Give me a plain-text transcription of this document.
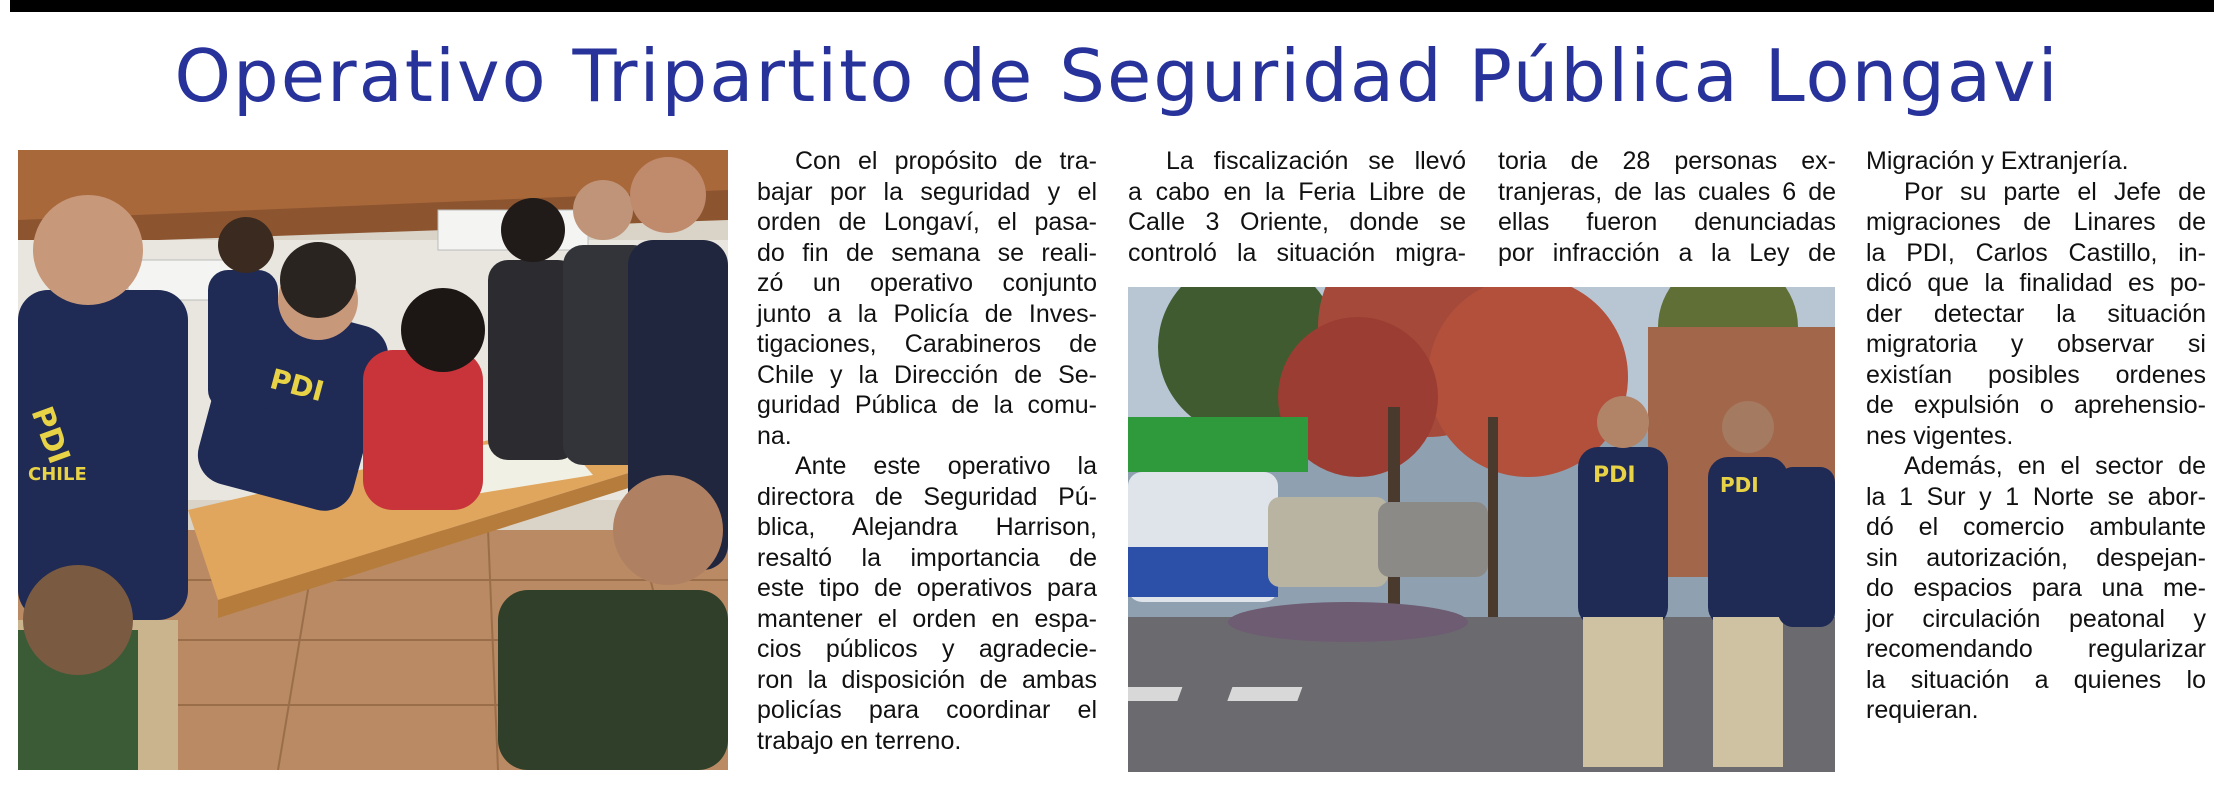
Operativo Tripartito de Seguridad Pública Longavi
PDI
CHILE
PDI
PDI	PDI

Con el propósito de tra-
bajar por la seguridad y el
orden de Longaví, el pasa-
do fin de semana se reali-
zó un operativo conjunto
junto a la Policía de Inves-
tigaciones, Carabineros de
Chile y la Dirección de Se-
guridad Pública de la comu-
na.

Ante este operativo la
directora de Seguridad Pú-
blica, Alejandra Harrison,
resaltó la importancia de
este tipo de operativos para
mantener el orden en espa-
cios públicos y agradecie-
ron la disposición de ambas
policías para coordinar el
trabajo en terreno.

La fiscalización se llevó
a cabo en la Feria Libre de
Calle 3 Oriente, donde se
controló la situación migra-

toria de 28 personas ex-
tranjeras, de las cuales 6 de
ellas fueron denunciadas
por infracción a la Ley de

Migración y Extranjería.

Por su parte el Jefe de
migraciones de Linares de
la PDI, Carlos Castillo, in-
dicó que la finalidad es po-
der detectar la situación
migratoria y observar si
existían posibles ordenes
de expulsión o aprehensio-
nes vigentes.

Además, en el sector de
la 1 Sur y 1 Norte se abor-
dó el comercio ambulante
sin autorización, despejan-
do espacios para una me-
jor circulación peatonal y
recomendando regularizar
la situación a quienes lo
requieran.
